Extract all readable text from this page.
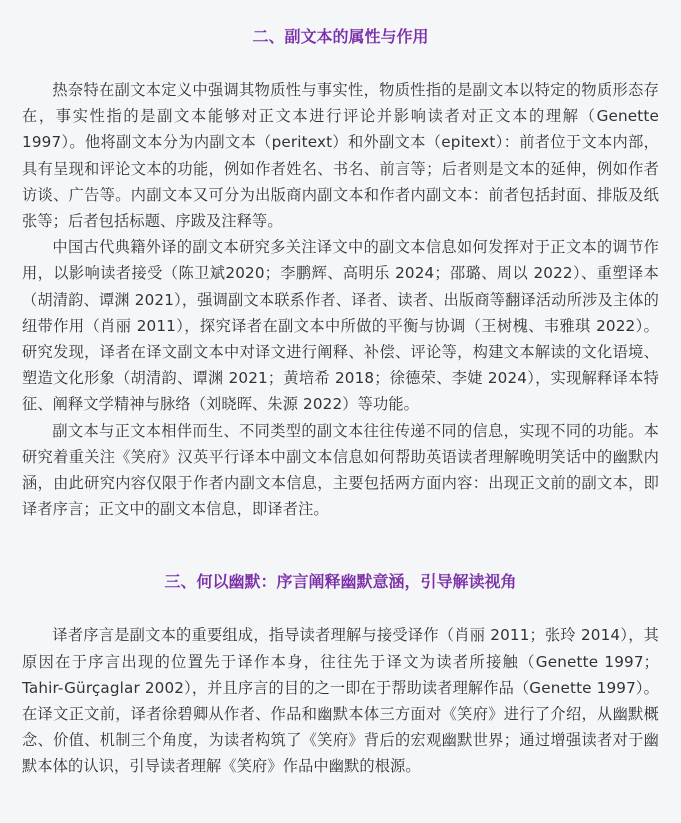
二、副文本的属性与作用

热奈特在副文本定义中强调其物质性与事实性，物质性指的是副文本以特定的物质形态存在，事实性指的是副文本能够对正文本进行评论并影响读者对正文本的理解（Genette 1997）。他将副文本分为内副文本（peritext）和外副文本（epitext）：前者位于文本内部，具有呈现和评论文本的功能，例如作者姓名、书名、前言等；后者则是文本的延伸，例如作者访谈、广告等。内副文本又可分为出版商内副文本和作者内副文本：前者包括封面、排版及纸张等；后者包括标题、序跋及注释等。

中国古代典籍外译的副文本研究多关注译文中的副文本信息如何发挥对于正文本的调节作用，以影响读者接受（陈卫斌2020；李鹏辉、高明乐 2024；邵璐、周以 2022）、重塑译本（胡清韵、谭渊 2021），强调副文本联系作者、译者、读者、出版商等翻译活动所涉及主体的纽带作用（肖丽 2011），探究译者在副文本中所做的平衡与协调（王树槐、韦雅琪 2022）。研究发现，译者在译文副文本中对译文进行阐释、补偿、评论等，构建文本解读的文化语境、塑造文化形象（胡清韵、谭渊 2021；黄培希 2018；徐德荣、李婕 2024），实现解释译本特征、阐释文学精神与脉络（刘晓晖、朱源 2022）等功能。

副文本与正文本相伴而生、不同类型的副文本往往传递不同的信息，实现不同的功能。本研究着重关注《笑府》汉英平行译本中副文本信息如何帮助英语读者理解晚明笑话中的幽默内涵，由此研究内容仅限于作者内副文本信息，主要包括两方面内容：出现正文前的副文本，即译者序言；正文中的副文本信息，即译者注。

三、何以幽默：序言阐释幽默意涵，引导解读视角

译者序言是副文本的重要组成，指导读者理解与接受译作（肖丽 2011；张玲 2014），其原因在于序言出现的位置先于译作本身，往往先于译文为读者所接触（Genette 1997；Tahir-Gürçaglar 2002），并且序言的目的之一即在于帮助读者理解作品（Genette 1997）。在译文正文前，译者徐碧卿从作者、作品和幽默本体三方面对《笑府》进行了介绍，从幽默概念、价值、机制三个角度，为读者构筑了《笑府》背后的宏观幽默世界；通过增强读者对于幽默本体的认识，引导读者理解《笑府》作品中幽默的根源。
